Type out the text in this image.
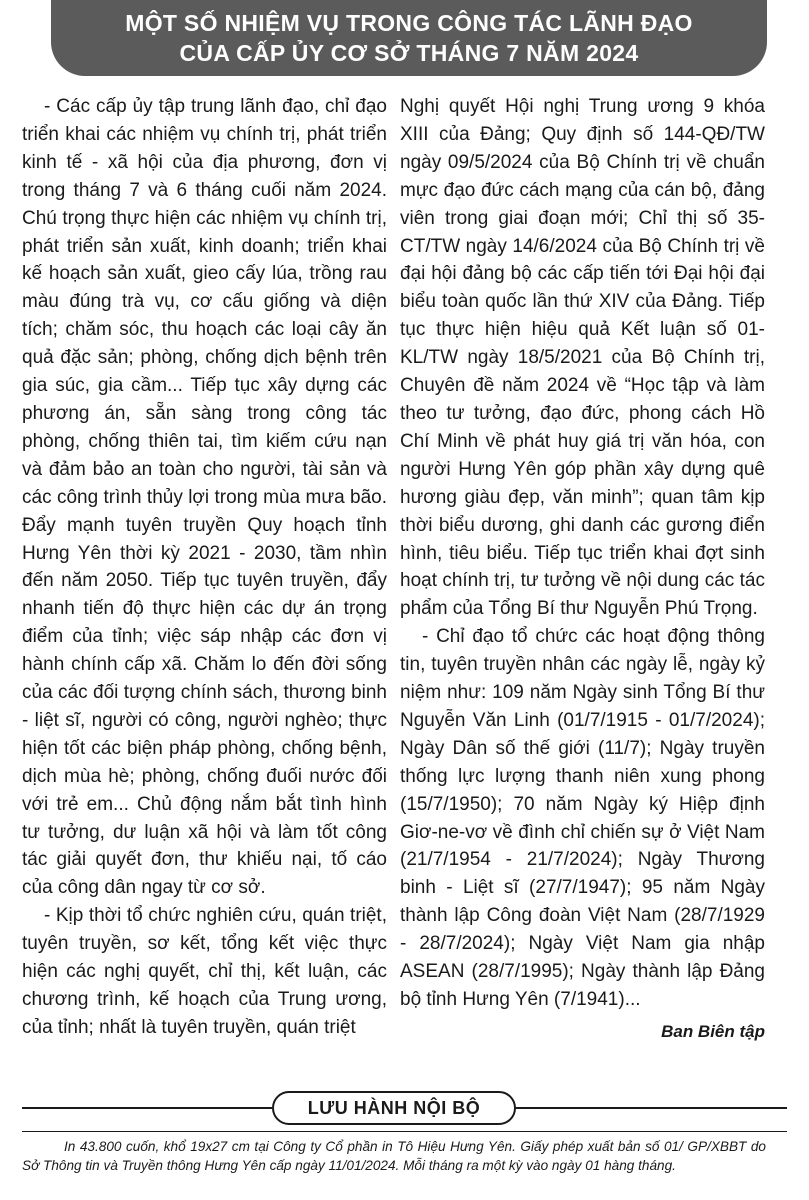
MỘT SỐ NHIỆM VỤ TRONG CÔNG TÁC LÃNH ĐẠO
CỦA CẤP ỦY CƠ SỞ THÁNG 7 NĂM 2024

- Các cấp ủy tập trung lãnh đạo, chỉ đạo triển khai các nhiệm vụ chính trị, phát triển kinh tế - xã hội của địa phương, đơn vị trong tháng 7 và 6 tháng cuối năm 2024. Chú trọng thực hiện các nhiệm vụ chính trị, phát triển sản xuất, kinh doanh; triển khai kế hoạch sản xuất, gieo cấy lúa, trồng rau màu đúng trà vụ, cơ cấu giống và diện tích; chăm sóc, thu hoạch các loại cây ăn quả đặc sản; phòng, chống dịch bệnh trên gia súc, gia cầm... Tiếp tục xây dựng các phương án, sẵn sàng trong công tác phòng, chống thiên tai, tìm kiếm cứu nạn và đảm bảo an toàn cho người, tài sản và các công trình thủy lợi trong mùa mưa bão. Đẩy mạnh tuyên truyền Quy hoạch tỉnh Hưng Yên thời kỳ 2021 - 2030, tầm nhìn đến năm 2050. Tiếp tục tuyên truyền, đẩy nhanh tiến độ thực hiện các dự án trọng điểm của tỉnh; việc sáp nhập các đơn vị hành chính cấp xã. Chăm lo đến đời sống của các đối tượng chính sách, thương binh - liệt sĩ, người có công, người nghèo; thực hiện tốt các biện pháp phòng, chống bệnh, dịch mùa hè; phòng, chống đuối nước đối với trẻ em... Chủ động nắm bắt tình hình tư tưởng, dư luận xã hội và làm tốt công tác giải quyết đơn, thư khiếu nại, tố cáo của công dân ngay từ cơ sở.

- Kịp thời tổ chức nghiên cứu, quán triệt, tuyên truyền, sơ kết, tổng kết việc thực hiện các nghị quyết, chỉ thị, kết luận, các chương trình, kế hoạch của Trung ương, của tỉnh; nhất là tuyên truyền, quán triệt

Nghị quyết Hội nghị Trung ương 9 khóa XIII của Đảng; Quy định số 144-QĐ/TW ngày 09/5/2024 của Bộ Chính trị về chuẩn mực đạo đức cách mạng của cán bộ, đảng viên trong giai đoạn mới; Chỉ thị số 35-CT/TW ngày 14/6/2024 của Bộ Chính trị về đại hội đảng bộ các cấp tiến tới Đại hội đại biểu toàn quốc lần thứ XIV của Đảng. Tiếp tục thực hiện hiệu quả Kết luận số 01-KL/TW ngày 18/5/2021 của Bộ Chính trị, Chuyên đề năm 2024 về “Học tập và làm theo tư tưởng, đạo đức, phong cách Hồ Chí Minh về phát huy giá trị văn hóa, con người Hưng Yên góp phần xây dựng quê hương giàu đẹp, văn minh”; quan tâm kịp thời biểu dương, ghi danh các gương điển hình, tiêu biểu. Tiếp tục triển khai đợt sinh hoạt chính trị, tư tưởng về nội dung các tác phẩm của Tổng Bí thư Nguyễn Phú Trọng.

- Chỉ đạo tổ chức các hoạt động thông tin, tuyên truyền nhân các ngày lễ, ngày kỷ niệm như: 109 năm Ngày sinh Tổng Bí thư Nguyễn Văn Linh (01/7/1915 - 01/7/2024); Ngày Dân số thế giới (11/7); Ngày truyền thống lực lượng thanh niên xung phong (15/7/1950); 70 năm Ngày ký Hiệp định Giơ-ne-vơ về đình chỉ chiến sự ở Việt Nam (21/7/1954 - 21/7/2024); Ngày Thương binh - Liệt sĩ (27/7/1947); 95 năm Ngày thành lập Công đoàn Việt Nam (28/7/1929 - 28/7/2024); Ngày Việt Nam gia nhập ASEAN (28/7/1995); Ngày thành lập Đảng bộ tỉnh Hưng Yên (7/1941)...

Ban Biên tập
LƯU HÀNH NỘI BỘ
In 43.800 cuốn, khổ 19x27 cm tại Công ty Cổ phần in Tô Hiệu Hưng Yên. Giấy phép xuất bản số 01/ GP/XBBT do Sở Thông tin và Truyền thông Hưng Yên cấp ngày 11/01/2024. Mỗi tháng ra một kỳ vào ngày 01 hàng tháng.
